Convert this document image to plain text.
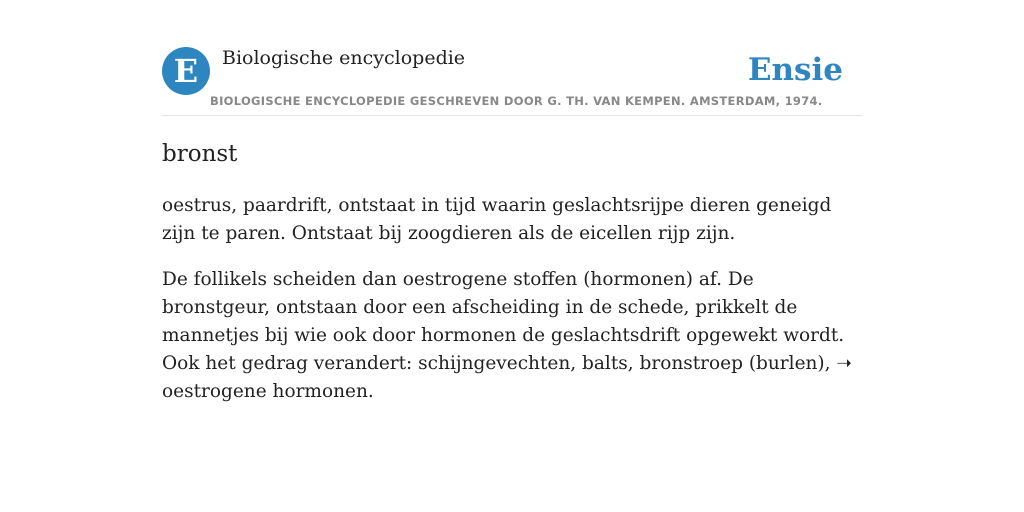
E	Biologische encyclopedie	Ensie
BIOLOGISCHE ENCYCLOPEDIE GESCHREVEN DOOR G. TH. VAN KEMPEN. AMSTERDAM, 1974.
bronst

oestrus, paardrift, ontstaat in tijd waarin geslachtsrijpe dieren geneigd zijn te paren. Ontstaat bij zoogdieren als de eicellen rijp zijn.

De follikels scheiden dan oestrogene stoffen (hormonen) af. De bronstgeur, ontstaan door een afscheiding in de schede, prikkelt de mannetjes bij wie ook door hormonen de geslachtsdrift opgewekt wordt. Ook het gedrag verandert: schijngevechten, balts, bronstroep (burlen), ➝ oestrogene hormonen.
